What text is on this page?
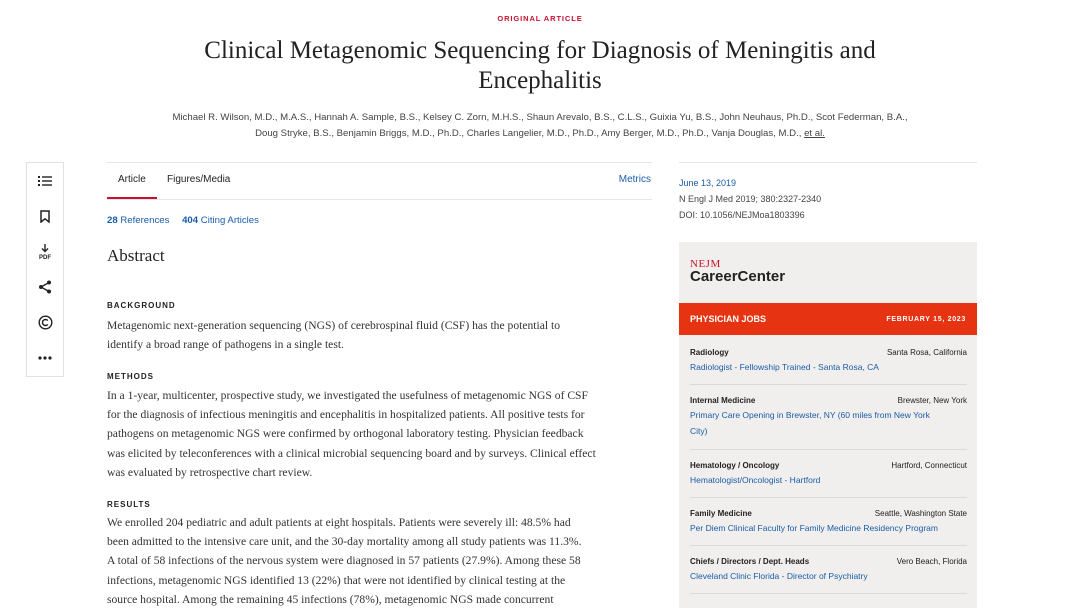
ORIGINAL ARTICLE
Clinical Metagenomic Sequencing for Diagnosis of Meningitis and
Encephalitis
Michael R. Wilson, M.D., M.A.S., Hannah A. Sample, B.S., Kelsey C. Zorn, M.H.S., Shaun Arevalo, B.S., C.L.S., Guixia Yu, B.S., John Neuhaus, Ph.D., Scot Federman, B.A.,
Doug Stryke, B.S., Benjamin Briggs, M.D., Ph.D., Charles Langelier, M.D., Ph.D., Amy Berger, M.D., Ph.D., Vanja Douglas, M.D., et al.
PDF
Article Figures/Media	Metrics
28 References 404 Citing Articles
Abstract
BACKGROUND
Metagenomic next-generation sequencing (NGS) of cerebrospinal fluid (CSF) has the potential to
identify a broad range of pathogens in a single test.
METHODS
In a 1-year, multicenter, prospective study, we investigated the usefulness of metagenomic NGS of CSF
for the diagnosis of infectious meningitis and encephalitis in hospitalized patients. All positive tests for
pathogens on metagenomic NGS were confirmed by orthogonal laboratory testing. Physician feedback
was elicited by teleconferences with a clinical microbial sequencing board and by surveys. Clinical effect
was evaluated by retrospective chart review.
RESULTS
We enrolled 204 pediatric and adult patients at eight hospitals. Patients were severely ill: 48.5% had
been admitted to the intensive care unit, and the 30-day mortality among all study patients was 11.3%.
A total of 58 infections of the nervous system were diagnosed in 57 patients (27.9%). Among these 58
infections, metagenomic NGS identified 13 (22%) that were not identified by clinical testing at the
source hospital. Among the remaining 45 infections (78%), metagenomic NGS made concurrent
June 13, 2019
N Engl J Med 2019; 380:2327-2340
DOI: 10.1056/NEJMoa1803396
NEJM
CareerCenter
PHYSICIAN JOBS	FEBRUARY 15, 2023
Radiology	Santa Rosa, California
Radiologist - Fellowship Trained - Santa Rosa, CA
Internal Medicine	Brewster, New York
Primary Care Opening in Brewster, NY (60 miles from New York
City)
Hematology / Oncology	Hartford, Connecticut
Hematologist/Oncologist - Hartford
Family Medicine	Seattle, Washington State
Per Diem Clinical Faculty for Family Medicine Residency Program
Chiefs / Directors / Dept. Heads	Vero Beach, Florida
Cleveland Clinic Florida - Director of Psychiatry
